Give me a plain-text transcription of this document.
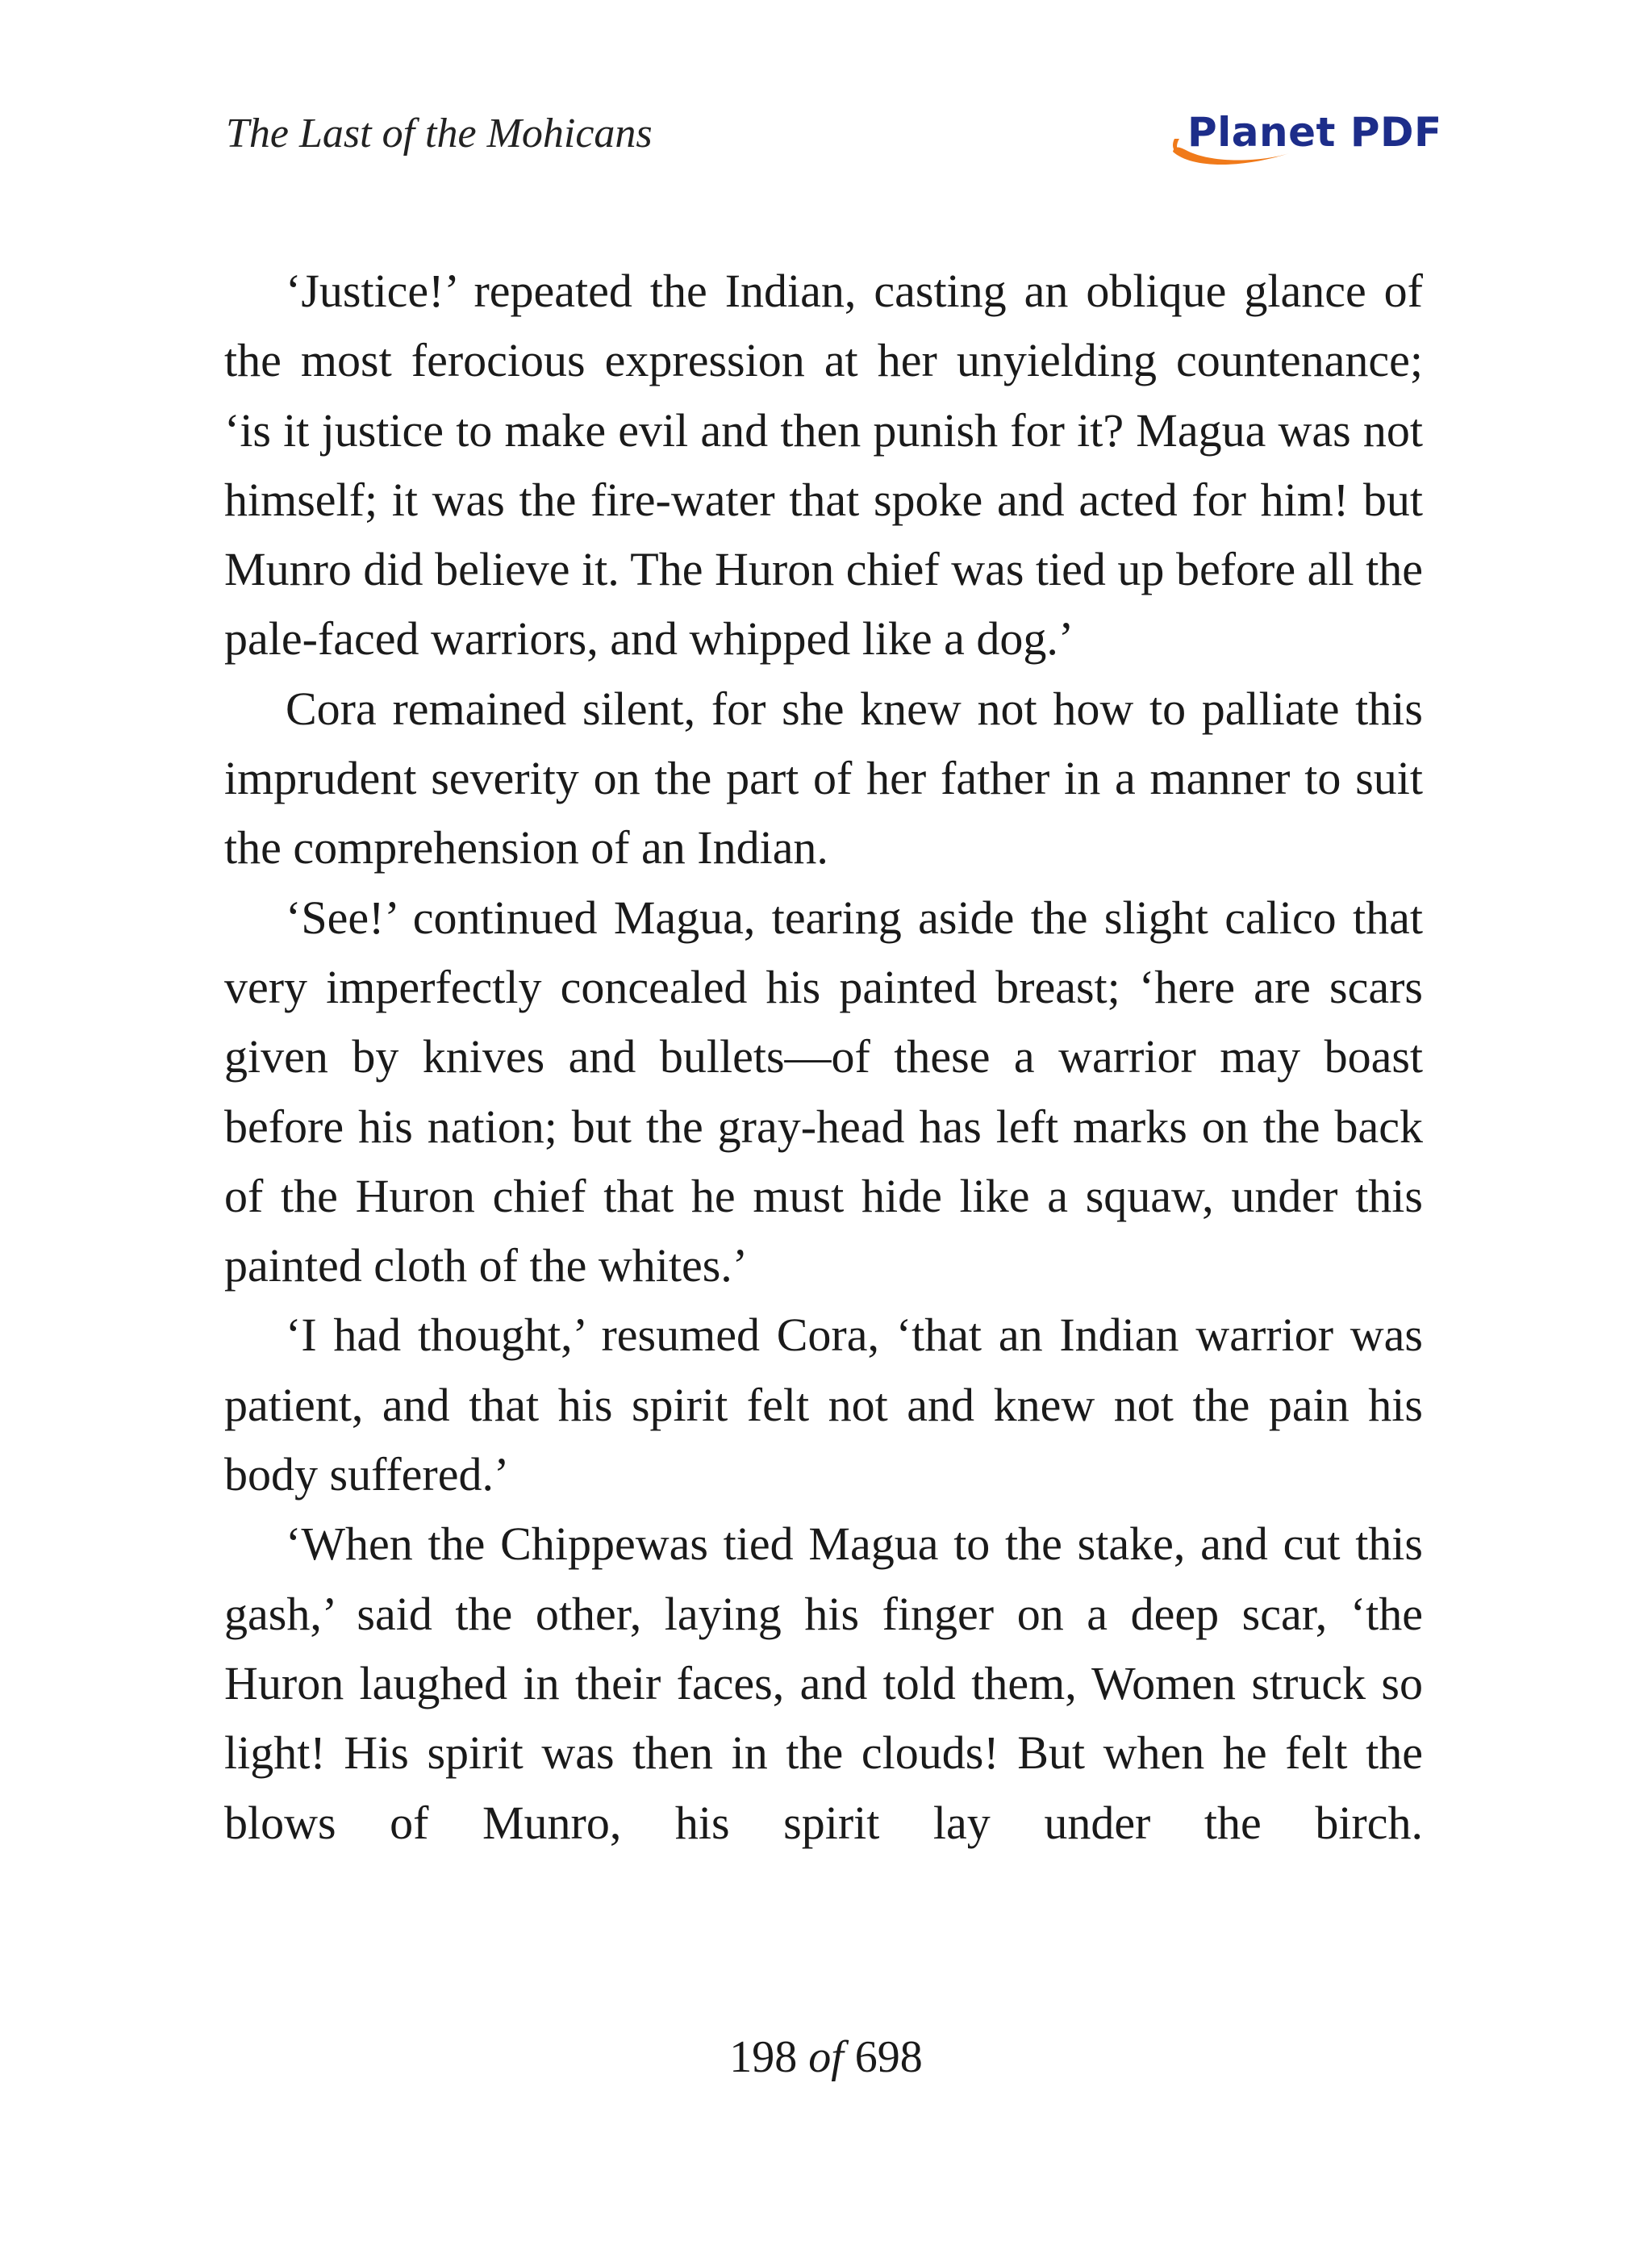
The Last of the Mohicans	Planet PDF

‘Justice!’ repeated the Indian, casting an oblique glance of the most ferocious expression at her unyielding countenance; ‘is it justice to make evil and then punish for it? Magua was not himself; it was the fire-water that spoke and acted for him! but Munro did believe it. The Huron chief was tied up before all the pale-faced warriors, and whipped like a dog.’

Cora remained silent, for she knew not how to palliate this imprudent severity on the part of her father in a manner to suit the comprehension of an Indian.

‘See!’ continued Magua, tearing aside the slight calico that very imperfectly concealed his painted breast; ‘here are scars given by knives and bullets—of these a warrior may boast before his nation; but the gray-head has left marks on the back of the Huron chief that he must hide like a squaw, under this painted cloth of the whites.’

‘I had thought,’ resumed Cora, ‘that an Indian warrior was patient, and that his spirit felt not and knew not the pain his body suffered.’

‘When the Chippewas tied Magua to the stake, and cut this gash,’ said the other, laying his finger on a deep scar, ‘the Huron laughed in their faces, and told them, Women struck so light! His spirit was then in the clouds! But when he felt the blows of Munro, his spirit lay under the birch.

198 of 698
